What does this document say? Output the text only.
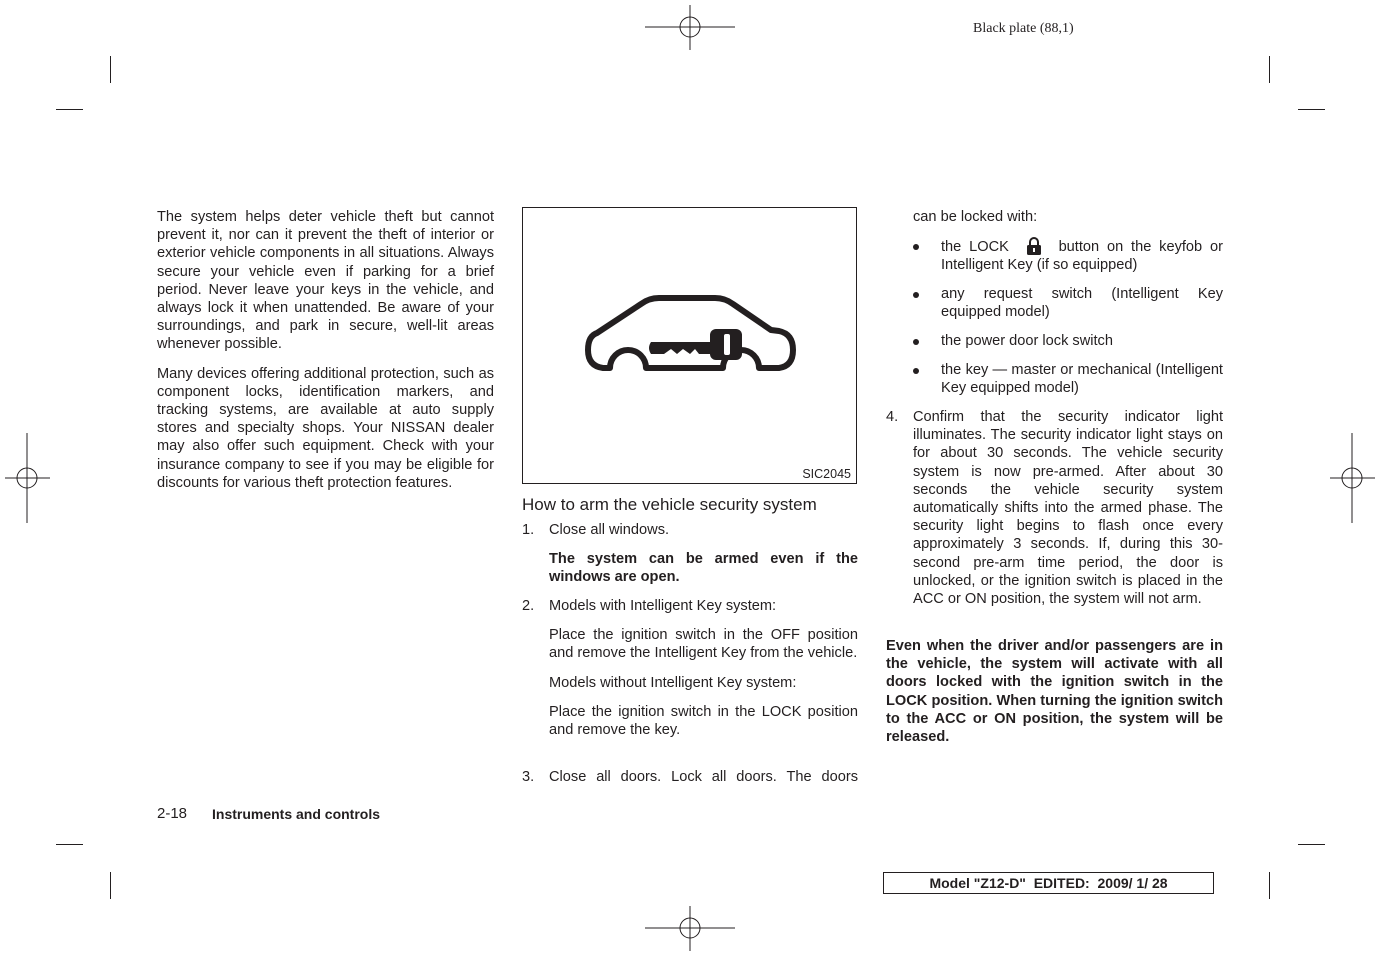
Black plate (88,1)

The system helps deter vehicle theft but cannot prevent it, nor can it prevent the theft of interior or exterior vehicle components in all situations. Always secure your vehicle even if parking for a brief period. Never leave your keys in the vehicle, and always lock it when unattended. Be aware of your surroundings, and park in secure, well-lit areas whenever possible.

Many devices offering additional protection, such as component locks, identification markers, and tracking systems, are available at auto supply stores and specialty shops. Your NISSAN dealer may also offer such equipment. Check with your insurance company to see if you may be eligible for discounts for various theft protection features.

SIC2045
How to arm the vehicle security system
1. Close all windows.

The system can be armed even if the windows are open.

2. Models with Intelligent Key system:

Place the ignition switch in the OFF position and remove the Intelligent Key from the vehicle.

Models without Intelligent Key system:

Place the ignition switch in the LOCK position and remove the key.

3. Close all doors. Lock all doors. The doors

can be locked with:

the LOCK	button on the keyfob or Intelligent Key (if so equipped)

any request switch (Intelligent Key equipped model)

the power door lock switch

the key — master or mechanical (Intelligent Key equipped model)

4. Confirm that the security indicator light illuminates. The security indicator light stays on for about 30 seconds. The vehicle security system is now pre-armed. After about 30 seconds the vehicle security system automatically shifts into the armed phase. The security light begins to flash once every approximately 3 seconds. If, during this 30-second pre-arm time period, the door is unlocked, or the ignition switch is placed in the ACC or ON position, the system will not arm.

Even when the driver and/or passengers are in the vehicle, the system will activate with all doors locked with the ignition switch in the LOCK position. When turning the ignition switch to the ACC or ON position, the system will be released.
2-18 Instruments and controls
Model "Z12-D"  EDITED:  2009/ 1/ 28
